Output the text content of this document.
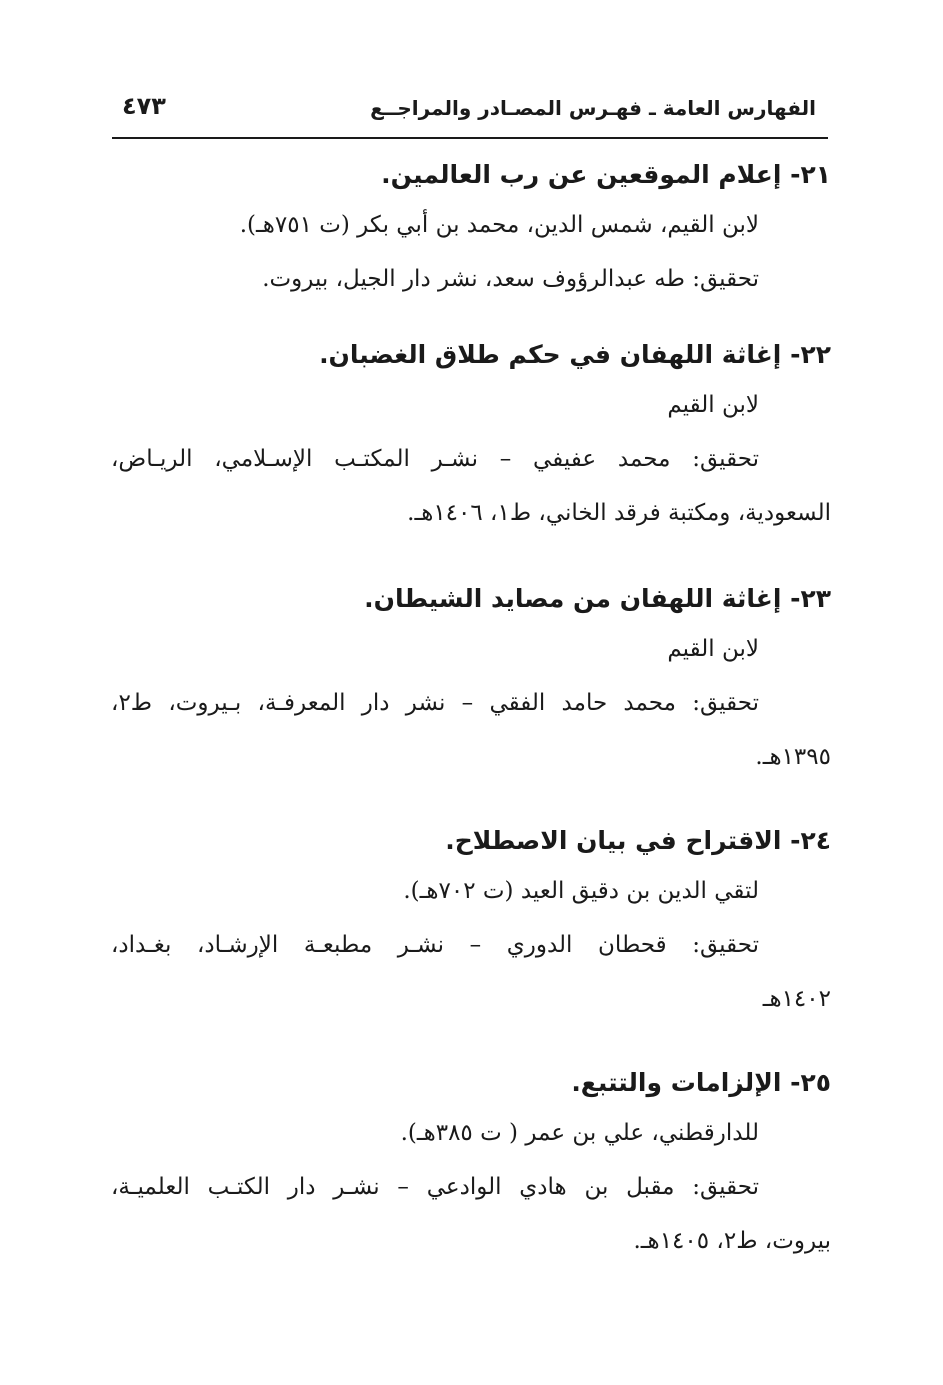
الفهارس العامة ـ فهـرس المصـادر والمراجــع
٤٧٣
٢١- إعلام الموقعين عن رب العالمين.
لابن القيم، شمس الدين، محمد بن أبي بكر (ت ٧٥١هـ).
تحقيق: طه عبدالرؤوف سعد، نشر دار الجيل، بيروت.
٢٢- إغاثة اللهفان في حكم طلاق الغضبان.
لابن القيم
تحقيق: محمد عفيفي – نشـر المكتـب الإسـلامي، الريـاض،
السعودية، ومكتبة فرقد الخاني، ط١، ١٤٠٦هـ.
٢٣- إغاثة اللهفان من مصايد الشيطان.
لابن القيم
تحقيق: محمد حامد الفقي – نشر دار المعرفـة، بـيروت، ط٢،
١٣٩٥هـ.
٢٤- الاقتراح في بيان الاصطلاح.
لتقي الدين بن دقيق العيد (ت ٧٠٢هـ).
تحقيق: قحطان الدوري – نشـر مطبعـة الإرشـاد، بغـداد،
١٤٠٢هـ
٢٥- الإلزامات والتتبع.
للدارقطني، علي بن عمر ( ت ٣٨٥هـ).
تحقيق: مقبل بن هادي الوادعي – نشـر دار الكتـب العلميـة،
بيروت، ط٢، ١٤٠٥هـ.
